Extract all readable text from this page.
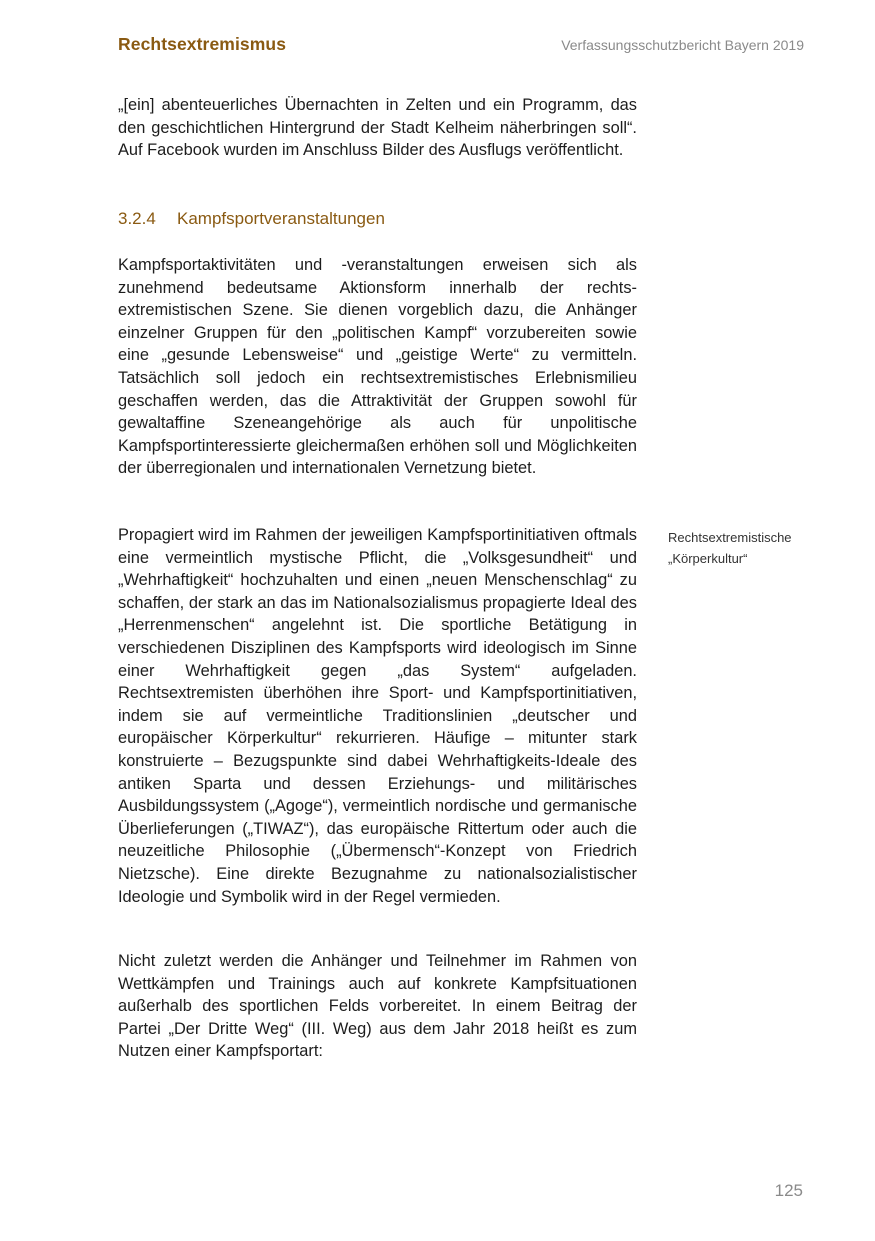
Rechtsextremismus	Verfassungsschutzbericht Bayern 2019

„[ein] abenteuerliches Übernachten in Zelten und ein Programm, das den geschichtlichen Hintergrund der Stadt Kelheim näherbringen soll“. Auf Facebook wurden im Anschluss Bilder des Ausflugs veröffentlicht.

3.2.4 Kampfsportveranstaltungen

Kampfsportaktivitäten und -veranstaltungen erweisen sich als zunehmend bedeutsame Aktionsform innerhalb der rechtsextremistischen Szene. Sie dienen vorgeblich dazu, die Anhänger einzelner Gruppen für den „politischen Kampf“ vorzubereiten sowie eine „gesunde Lebensweise“ und „geistige Werte“ zu vermitteln. Tatsächlich soll jedoch ein rechtsextremistisches Erlebnismilieu geschaffen werden, das die Attraktivität der Gruppen sowohl für gewaltaffine Szeneangehörige als auch für unpolitische Kampfsportinteressierte gleichermaßen erhöhen soll und Möglichkeiten der überregionalen und internationalen Vernetzung bietet.

Propagiert wird im Rahmen der jeweiligen Kampfsportinitiativen oftmals eine vermeintlich mystische Pflicht, die „Volksgesundheit“ und „Wehrhaftigkeit“ hochzuhalten und einen „neuen Menschenschlag“ zu schaffen, der stark an das im Nationalsozialismus propagierte Ideal des „Herrenmenschen“ angelehnt ist. Die sportliche Betätigung in verschiedenen Disziplinen des Kampfsports wird ideologisch im Sinne einer Wehrhaftigkeit gegen „das System“ aufgeladen. Rechtsextremisten überhöhen ihre Sport- und Kampfsportinitiativen, indem sie auf vermeintliche Traditionslinien „deutscher und europäischer Körperkultur“ rekurrieren. Häufige – mitunter stark konstruierte – Bezugspunkte sind dabei Wehrhaftigkeits-Ideale des antiken Sparta und dessen Erziehungs- und militärisches Ausbildungssystem („Agoge“), vermeintlich nordische und germanische Überlieferungen („TIWAZ“), das europäische Rittertum oder auch die neuzeitliche Philosophie („Übermensch“-Konzept von Friedrich Nietzsche). Eine direkte Bezugnahme zu nationalsozialistischer Ideologie und Symbolik wird in der Regel vermieden.

Nicht zuletzt werden die Anhänger und Teilnehmer im Rahmen von Wettkämpfen und Trainings auch auf konkrete Kampfsituationen außerhalb des sportlichen Felds vorbereitet. In einem Beitrag der Partei „Der Dritte Weg“ (III. Weg) aus dem Jahr 2018 heißt es zum Nutzen einer Kampfsportart:

Rechtsextremistische
„Körperkultur“
125
